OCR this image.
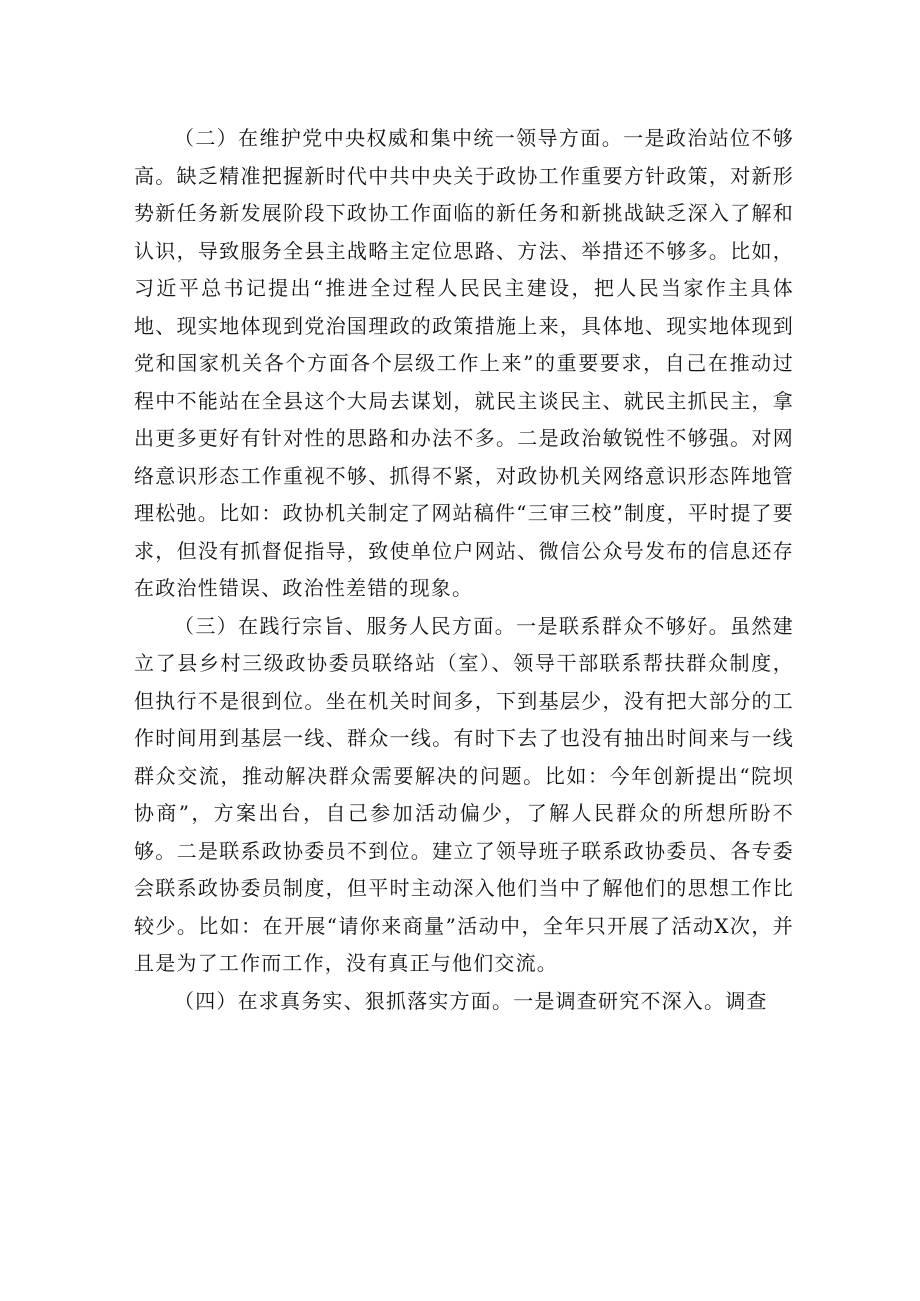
（二）在维护党中央权威和集中统一领导方面。一是政治站位不够高。缺乏精准把握新时代中共中央关于政协工作重要方针政策，对新形势新任务新发展阶段下政协工作面临的新任务和新挑战缺乏深入了解和认识，导致服务全县主战略主定位思路、方法、举措还不够多。比如，习近平总书记提出“推进全过程人民民主建设，把人民当家作主具体地、现实地体现到党治国理政的政策措施上来，具体地、现实地体现到党和国家机关各个方面各个层级工作上来”的重要要求，自己在推动过程中不能站在全县这个大局去谋划，就民主谈民主、就民主抓民主，拿出更多更好有针对性的思路和办法不多。二是政治敏锐性不够强。对网络意识形态工作重视不够、抓得不紧，对政协机关网络意识形态阵地管理松弛。比如：政协机关制定了网站稿件“三审三校”制度，平时提了要求，但没有抓督促指导，致使单位户网站、微信公众号发布的信息还存在政治性错误、政治性差错的现象。

（三）在践行宗旨、服务人民方面。一是联系群众不够好。虽然建立了县乡村三级政协委员联络站（室）、领导干部联系帮扶群众制度，但执行不是很到位。坐在机关时间多，下到基层少，没有把大部分的工作时间用到基层一线、群众一线。有时下去了也没有抽出时间来与一线群众交流，推动解决群众需要解决的问题。比如：今年创新提出“院坝协商”，方案出台，自己参加活动偏少，了解人民群众的所想所盼不够。二是联系政协委员不到位。建立了领导班子联系政协委员、各专委会联系政协委员制度，但平时主动深入他们当中了解他们的思想工作比较少。比如：在开展“请你来商量”活动中，全年只开展了活动X次，并且是为了工作而工作，没有真正与他们交流。

（四）在求真务实、狠抓落实方面。一是调查研究不深入。调查
